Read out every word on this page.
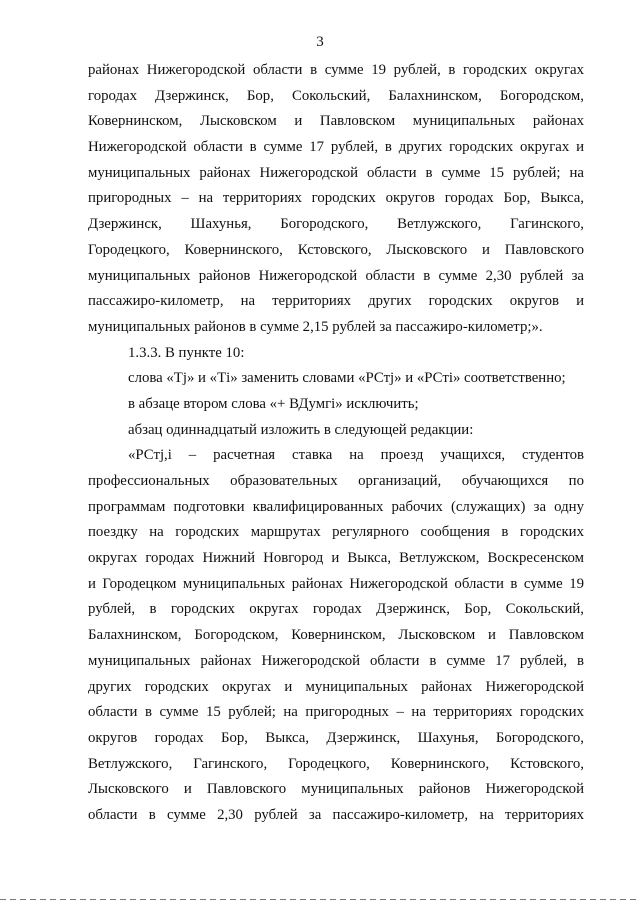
3
районах Нижегородской области в сумме 19 рублей, в городских округах
городах Дзержинск, Бор, Сокольский, Балахнинском, Богородском,
Ковернинском, Лысковском и Павловском муниципальных районах
Нижегородской области в сумме 17 рублей, в других городских округах и
муниципальных районах Нижегородской области в сумме 15 рублей; на
пригородных – на территориях городских округов городах Бор, Выкса,
Дзержинск, Шахунья, Богородского, Ветлужского, Гагинского,
Городецкого, Ковернинского, Кстовского, Лысковского и Павловского
муниципальных районов Нижегородской области в сумме 2,30 рублей за
пассажиро-километр, на территориях других городских округов и
муниципальных районов в сумме 2,15 рублей за пассажиро-километр;».
1.3.3. В пункте 10:
слова «Тj» и «Тi» заменить словами «РСтj» и «РСтi» соответственно;
в абзаце втором слова «+ ВДумгi» исключить;
абзац одиннадцатый изложить в следующей редакции:
«РСтj,i – расчетная ставка на проезд учащихся, студентов
профессиональных образовательных организаций, обучающихся по
программам подготовки квалифицированных рабочих (служащих) за одну
поездку на городских маршрутах регулярного сообщения в городских
округах городах Нижний Новгород и Выкса, Ветлужском, Воскресенском
и Городецком муниципальных районах Нижегородской области в сумме 19
рублей, в городских округах городах Дзержинск, Бор, Сокольский,
Балахнинском, Богородском, Ковернинском, Лысковском и Павловском
муниципальных районах Нижегородской области в сумме 17 рублей, в
других городских округах и муниципальных районах Нижегородской
области в сумме 15 рублей; на пригородных – на территориях городских
округов городах Бор, Выкса, Дзержинск, Шахунья, Богородского,
Ветлужского, Гагинского, Городецкого, Ковернинского, Кстовского,
Лысковского и Павловского муниципальных районов Нижегородской
области в сумме 2,30 рублей за пассажиро-километр, на территориях
